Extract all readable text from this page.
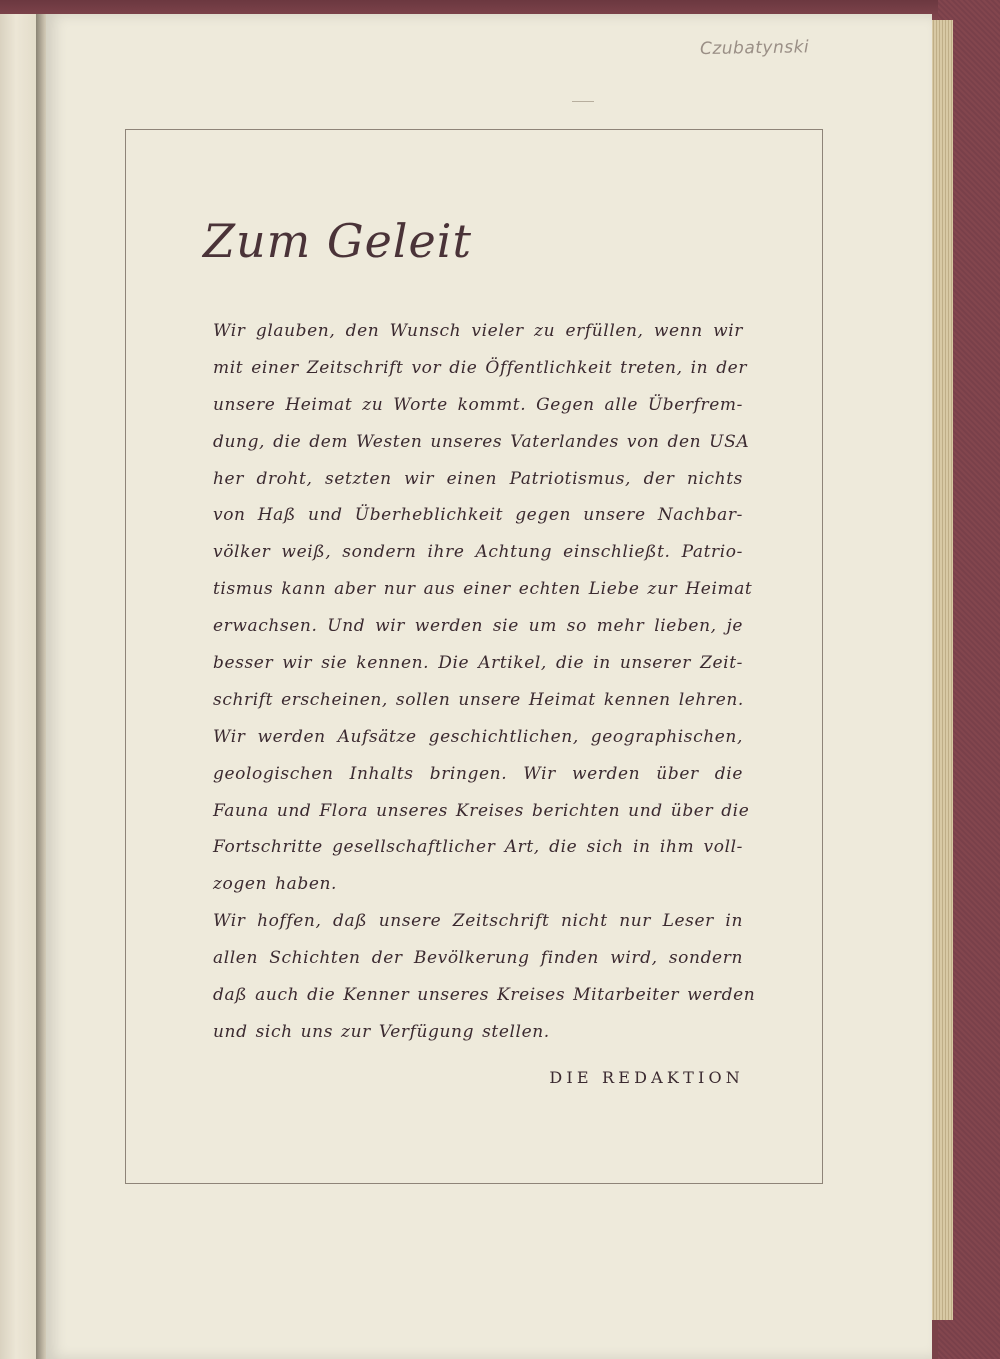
Czubatynski
Zum Geleit
Wir glauben, den Wunsch vieler zu erfüllen, wenn wir
mit einer Zeitschrift vor die Öffentlichkeit treten, in der
unsere Heimat zu Worte kommt. Gegen alle Überfrem-
dung, die dem Westen unseres Vaterlandes von den USA
her droht, setzten wir einen Patriotismus, der nichts
von Haß und Überheblichkeit gegen unsere Nachbar-
völker weiß, sondern ihre Achtung einschließt. Patrio-
tismus kann aber nur aus einer echten Liebe zur Heimat
erwachsen. Und wir werden sie um so mehr lieben, je
besser wir sie kennen. Die Artikel, die in unserer Zeit-
schrift erscheinen, sollen unsere Heimat kennen lehren.
Wir werden Aufsätze geschichtlichen, geographischen,
geologischen Inhalts bringen. Wir werden über die
Fauna und Flora unseres Kreises berichten und über die
Fortschritte gesellschaftlicher Art, die sich in ihm voll-
zogen haben.
Wir hoffen, daß unsere Zeitschrift nicht nur Leser in
allen Schichten der Bevölkerung finden wird, sondern
daß auch die Kenner unseres Kreises Mitarbeiter werden
und sich uns zur Verfügung stellen.

DIE REDAKTION
